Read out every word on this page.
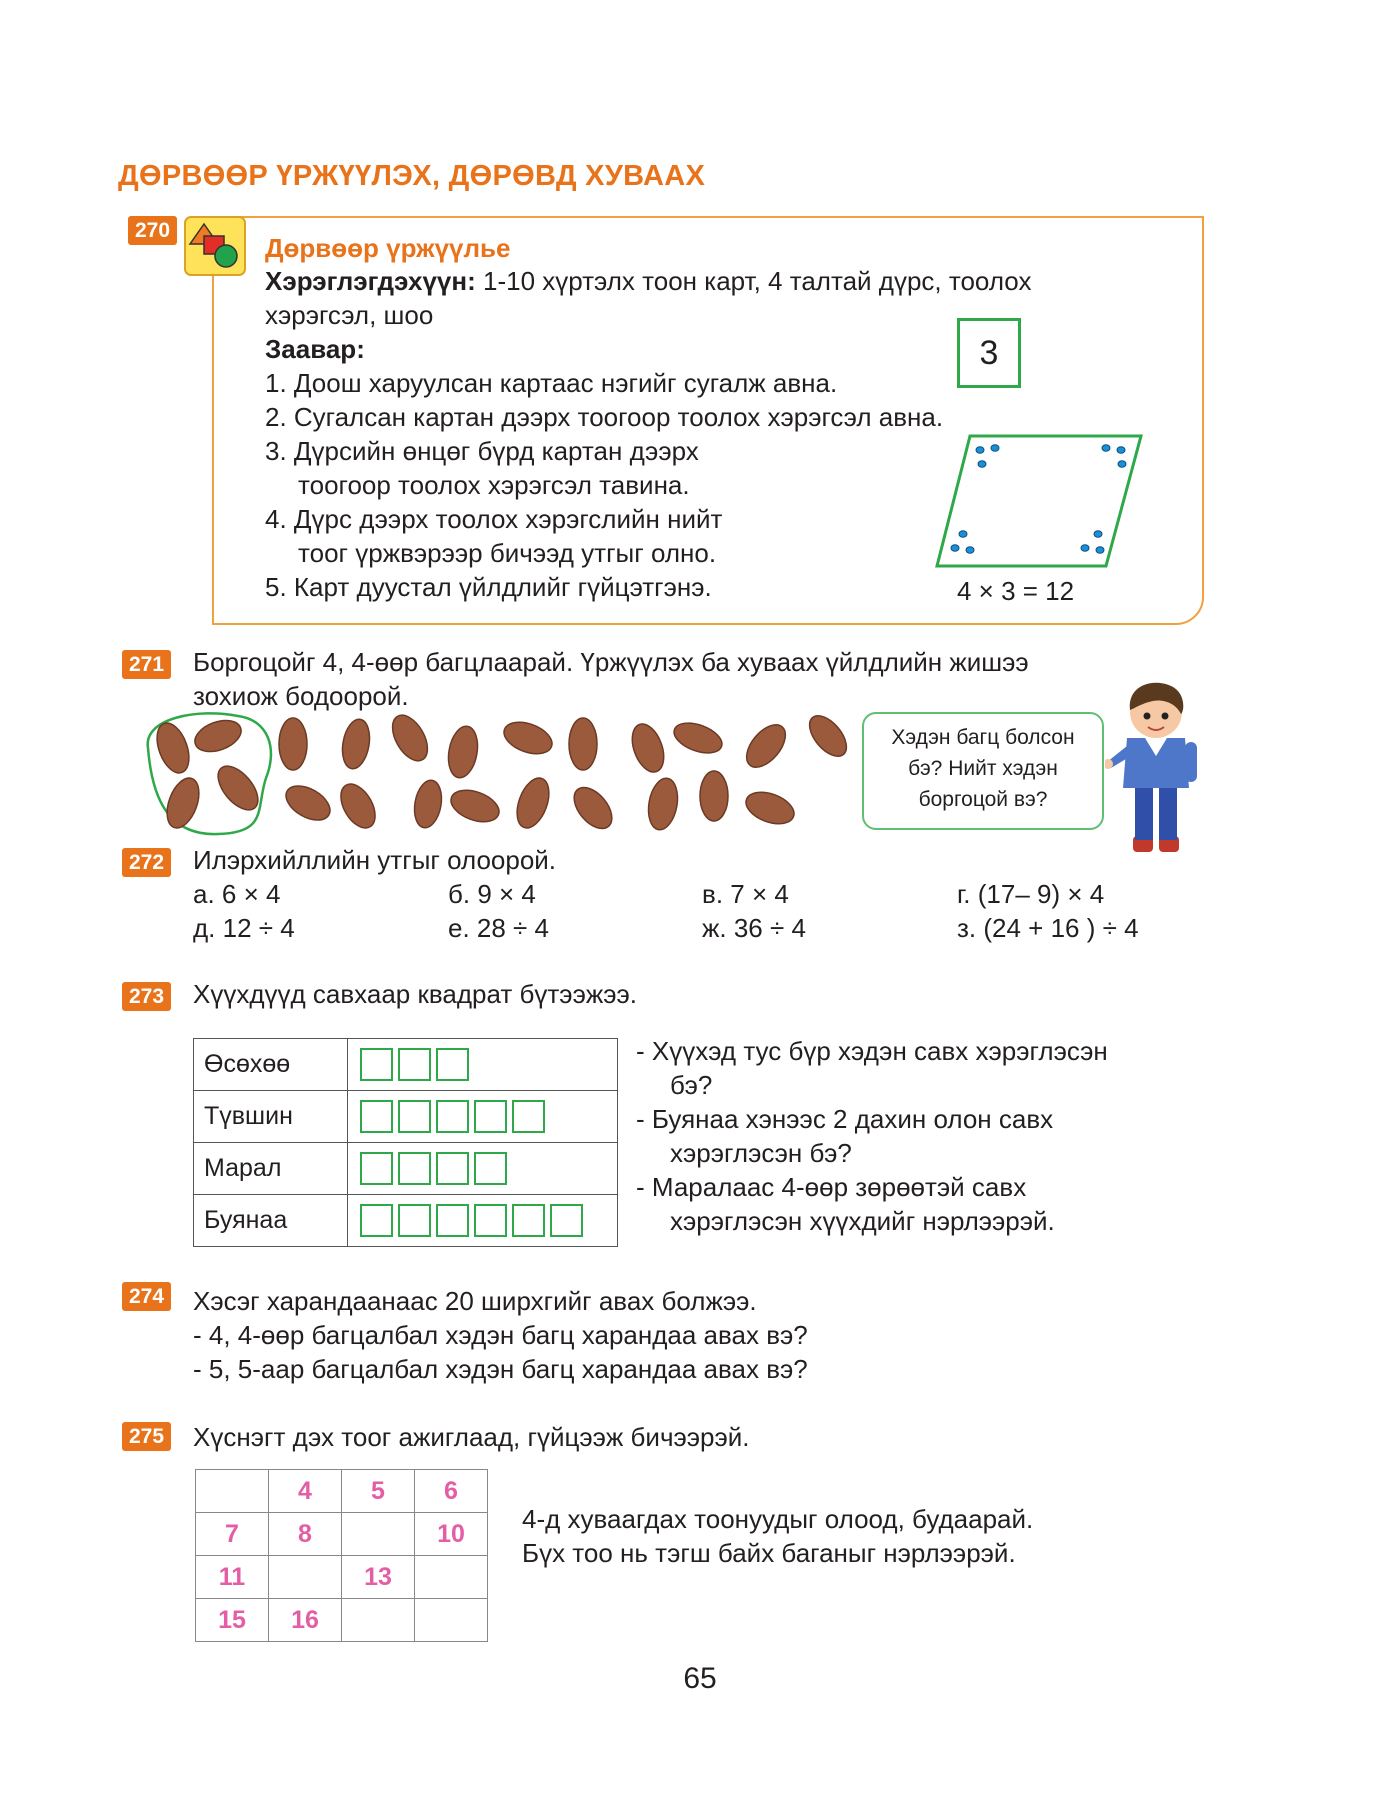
ДӨРВӨӨР ҮРЖҮҮЛЭХ, ДӨРӨВД ХУВААХ
270
Дөрвөөр үржүүлье
Хэрэглэгдэхүүн: 1-10 хүртэлх тоон карт, 4 талтай дүрс, тоолох
хэрэгсэл, шоо
Заавар:
1. Доош харуулсан картаас нэгийг сугалж авна.
2. Сугалсан картан дээрх тоогоор тоолох хэрэгсэл авна.
3. Дүрсийн өнцөг бүрд картан дээрх
тоогоор тоолох хэрэгсэл тавина.
4. Дүрс дээрх тоолох хэрэгслийн нийт
тоог үржвэрээр бичээд утгыг олно.
5. Карт дуустал үйлдлийг гүйцэтгэнэ.
3
4 × 3 = 12
271 Боргоцойг 4, 4-өөр багцлаарай. Үржүүлэх ба хуваах үйлдлийн жишээ
зохиож бодоорой.
Хэдэн багц болсон
бэ? Нийт хэдэн
боргоцой вэ?
272 Илэрхийллийн утгыг олоорой.
а. 6 × 4	б. 9 × 4	в. 7 × 4	г. (17– 9) × 4
д. 12 ÷ 4	е. 28 ÷ 4	ж. 36 ÷ 4	з. (24 + 16 ) ÷ 4
273 Хүүхдүүд савхаар квадрат бүтээжээ.
Өсөхөө	

Түвшин	

Марал	

Буянаа	
- Хүүхэд тус бүр хэдэн савх хэрэглэсэн
бэ?
- Буянаа хэнээс 2 дахин олон савх
хэрэглэсэн бэ?
- Маралаас 4-өөр зөрөөтэй савх
хэрэглэсэн хүүхдийг нэрлээрэй.
274 Хэсэг харандаанаас 20 ширхгийг авах болжээ.
- 4, 4-өөр багцалбал хэдэн багц харандаа авах вэ?
- 5, 5-аар багцалбал хэдэн багц харандаа авах вэ?
275 Хүснэгт дэх тоог ажиглаад, гүйцээж бичээрэй.
	4	5	6
7	8		10
11		13	
15	16		
4-д хуваагдах тоонуудыг олоод, будаарай.
Бүх тоо нь тэгш байх баганыг нэрлээрэй.
65
